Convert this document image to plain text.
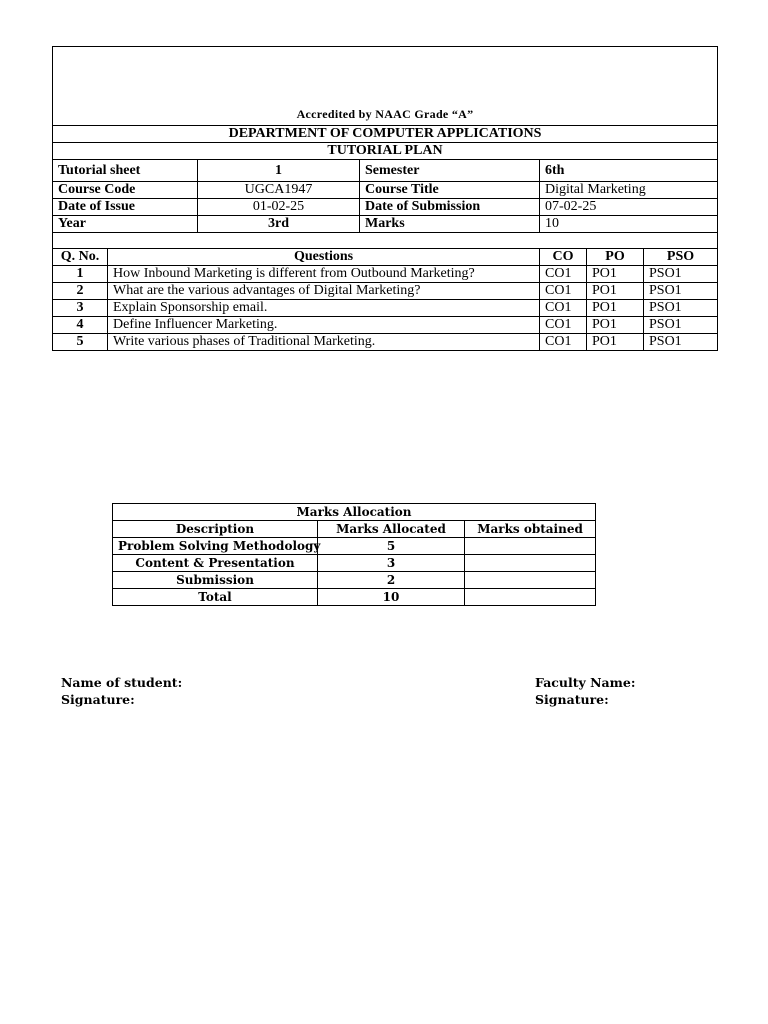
Accredited by NAAC Grade “A”						
DEPARTMENT OF COMPUTER APPLICATIONS						
TUTORIAL PLAN						
Tutorial sheet		1	Semester	6th		
Course Code		UGCA1947	Course Title	Digital Marketing		
Date of Issue		01-02-25	Date of Submission	07-02-25		
Year		3rd	Marks	10		

Q. No.	Questions			CO	PO	PSO
1	How Inbound Marketing is different from Outbound Marketing?			CO1	PO1	PSO1
2	What are the various advantages of Digital Marketing?			CO1	PO1	PSO1
3	Explain Sponsorship email.			CO1	PO1	PSO1
4	Define Influencer Marketing.			CO1	PO1	PSO1
5	Write various phases of Traditional Marketing.			CO1	PO1	PSO1
Marks Allocation		
Description	Marks Allocated	Marks obtained
Problem Solving Methodology	5	
Content & Presentation	3	
Submission	2	
Total	10	
Name of student:
Signature:
Faculty Name:
Signature:
